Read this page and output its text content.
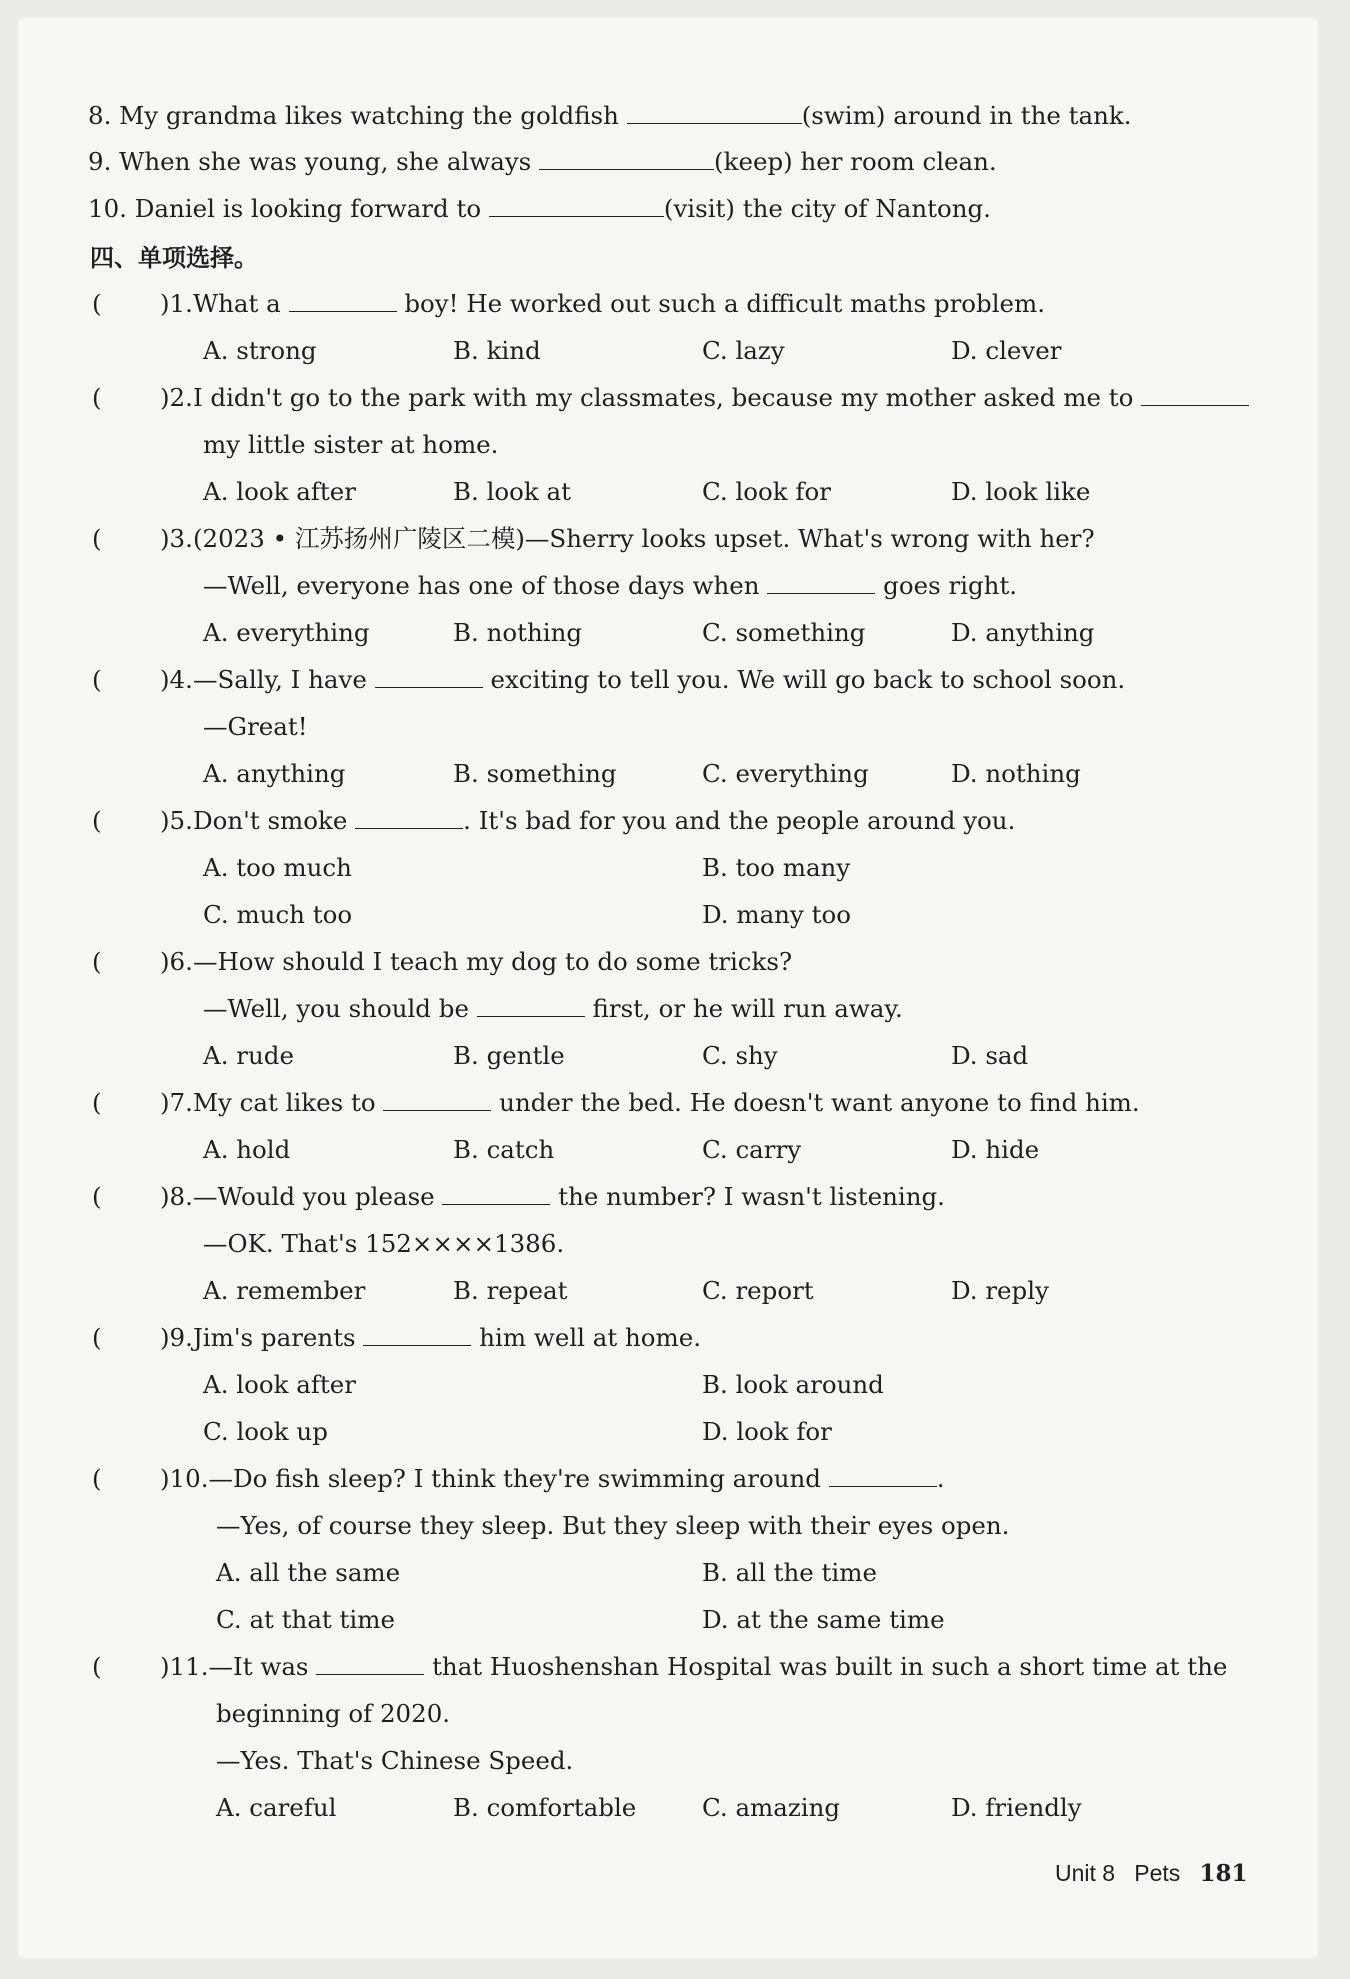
8. My grandma likes watching the goldfish	(swim) around in the tank.
9. When she was young, she always	(keep) her room clean.
10. Daniel is looking forward to	(visit) the city of Nantong.
四、单项选择。
( )1.What a	boy! He worked out such a difficult maths problem.
A. strong	B. kind	C. lazy	D. clever
( )2.I didn't go to the park with my classmates, because my mother asked me to
my little sister at home.
A. look after	B. look at	C. look for	D. look like
( )3.(2023 • 江苏扬州广陵区二模)—Sherry looks upset. What's wrong with her?
—Well, everyone has one of those days when	goes right.
A. everything	B. nothing	C. something	D. anything
( )4.—Sally, I have	exciting to tell you. We will go back to school soon.
—Great!
A. anything	B. something	C. everything	D. nothing
( )5.Don't smoke	. It's bad for you and the people around you.
A. too much	B. too many
C. much too	D. many too
( )6.—How should I teach my dog to do some tricks?
—Well, you should be	first, or he will run away.
A. rude	B. gentle	C. shy	D. sad
( )7.My cat likes to	under the bed. He doesn't want anyone to find him.
A. hold	B. catch	C. carry	D. hide
( )8.—Would you please	the number? I wasn't listening.
—OK. That's 152××××1386.
A. remember	B. repeat	C. report	D. reply
( )9.Jim's parents	him well at home.
A. look after	B. look around
C. look up	D. look for
( )10.—Do fish sleep? I think they're swimming around	.
—Yes, of course they sleep. But they sleep with their eyes open.
A. all the same	B. all the time
C. at that time	D. at the same time
( )11.—It was	that Huoshenshan Hospital was built in such a short time at the
beginning of 2020.
—Yes. That's Chinese Speed.
A. careful	B. comfortable	C. amazing	D. friendly
Unit 8 Pets 181
